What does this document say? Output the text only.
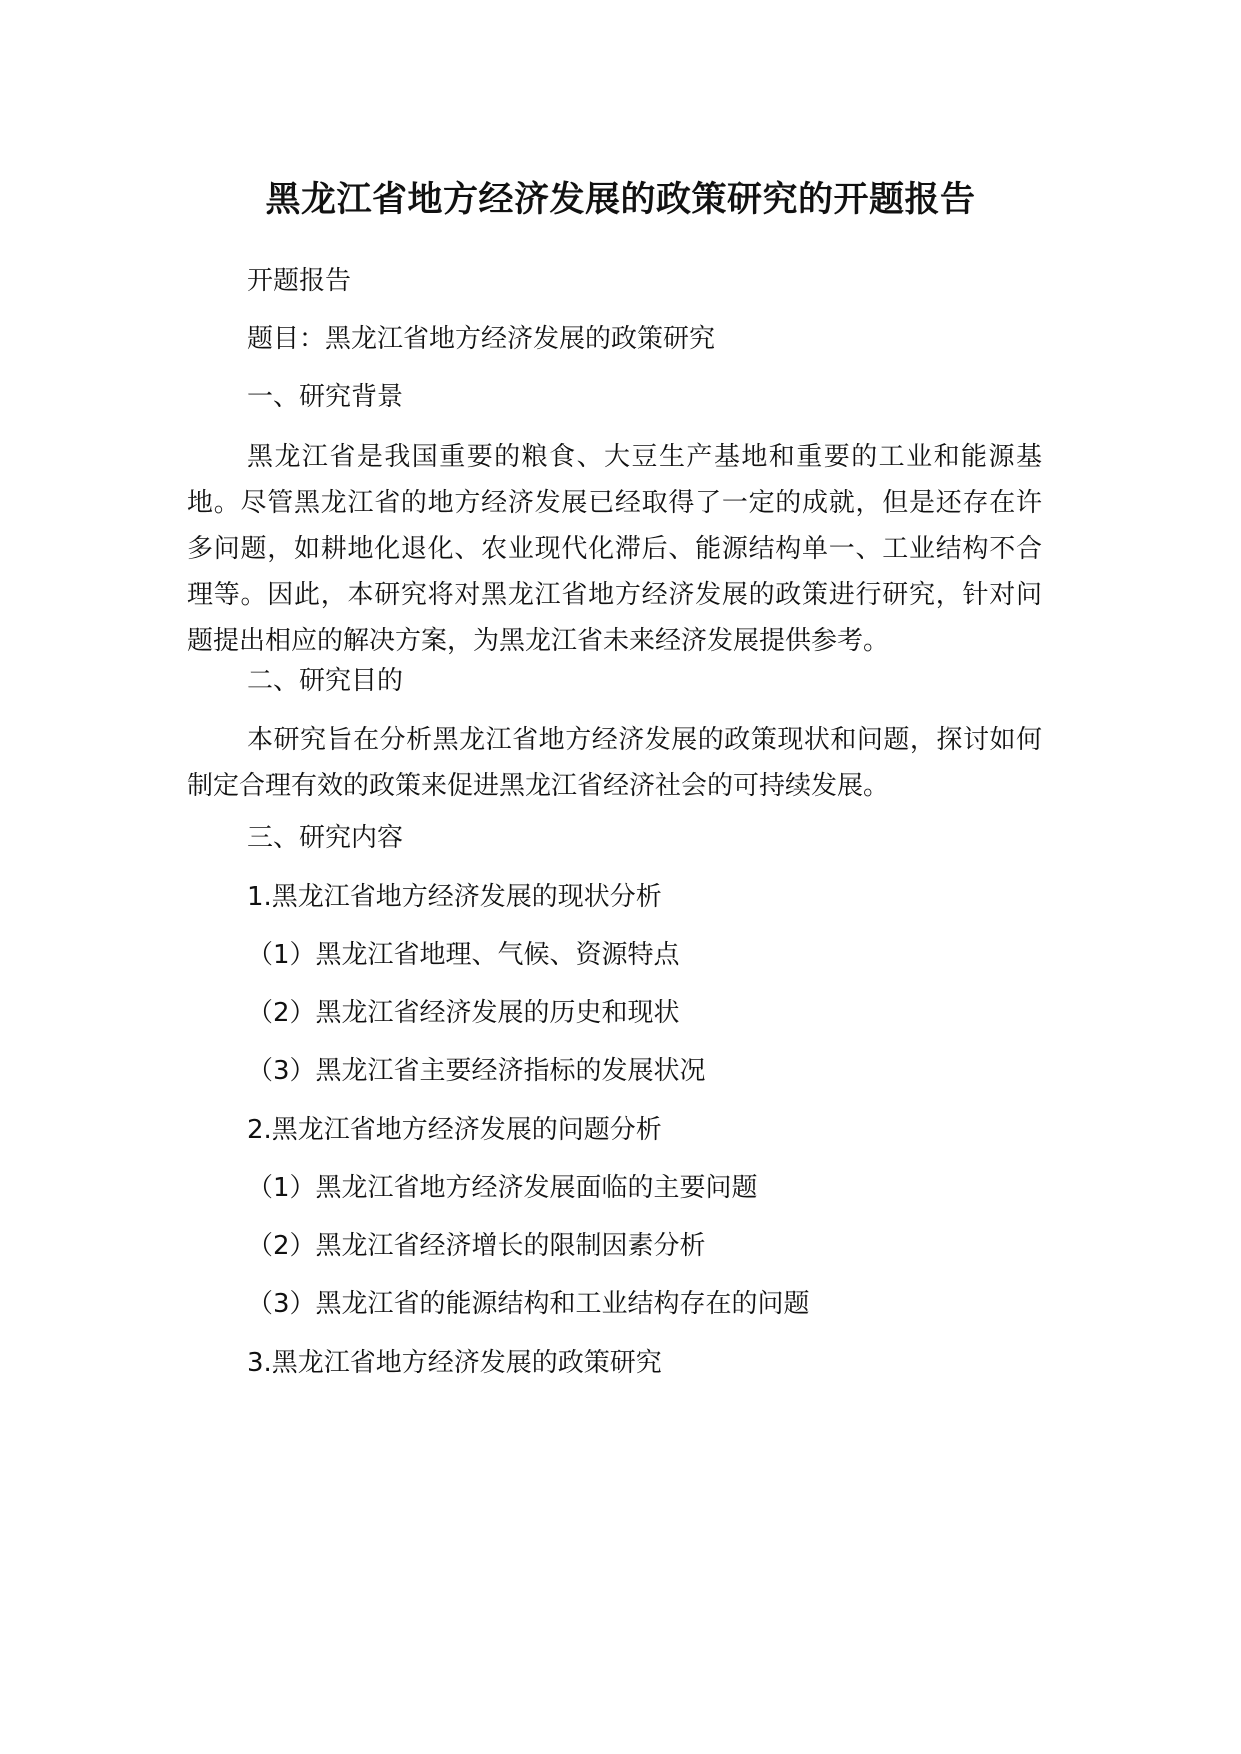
黑龙江省地方经济发展的政策研究的开题报告

开题报告

题目：黑龙江省地方经济发展的政策研究

一、研究背景

黑龙江省是我国重要的粮食、大豆生产基地和重要的工业和能源基地。尽管黑龙江省的地方经济发展已经取得了一定的成就，但是还存在许多问题，如耕地化退化、农业现代化滞后、能源结构单一、工业结构不合理等。因此，本研究将对黑龙江省地方经济发展的政策进行研究，针对问题提出相应的解决方案，为黑龙江省未来经济发展提供参考。

二、研究目的

本研究旨在分析黑龙江省地方经济发展的政策现状和问题，探讨如何制定合理有效的政策来促进黑龙江省经济社会的可持续发展。

三、研究内容

1.黑龙江省地方经济发展的现状分析

（1）黑龙江省地理、气候、资源特点

（2）黑龙江省经济发展的历史和现状

（3）黑龙江省主要经济指标的发展状况

2.黑龙江省地方经济发展的问题分析

（1）黑龙江省地方经济发展面临的主要问题

（2）黑龙江省经济增长的限制因素分析

（3）黑龙江省的能源结构和工业结构存在的问题

3.黑龙江省地方经济发展的政策研究
